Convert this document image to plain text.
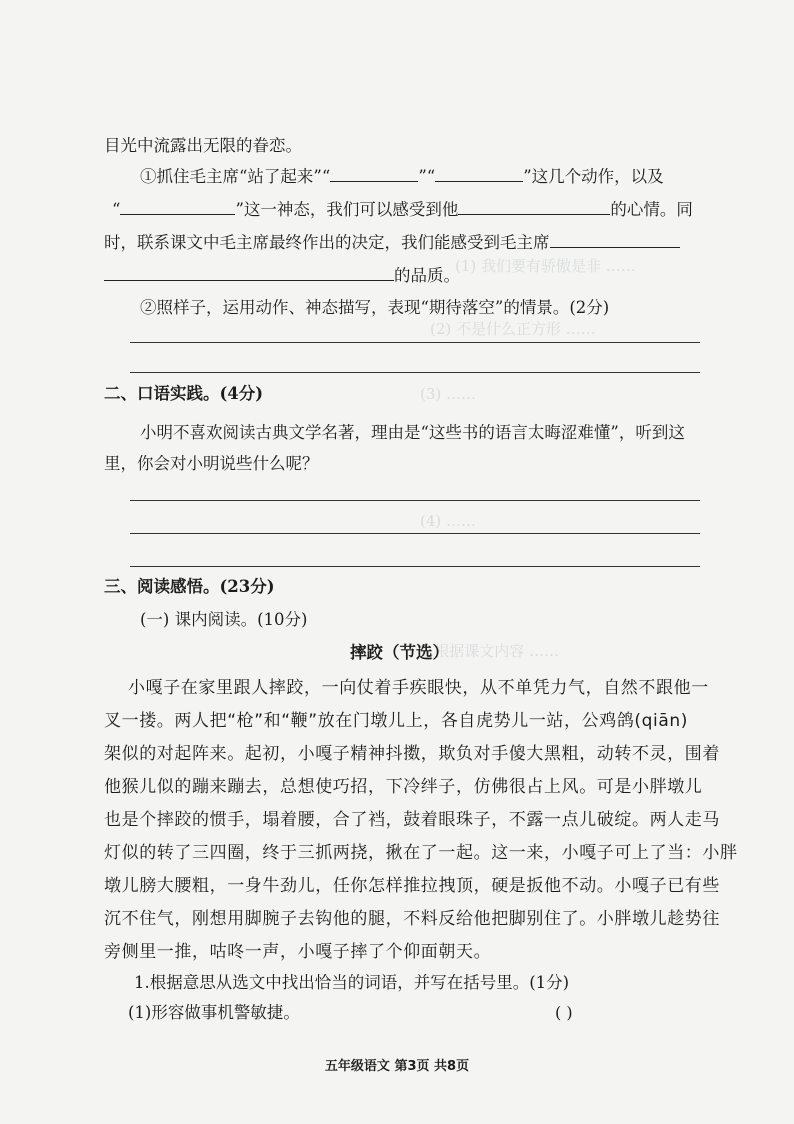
(1) 我们要有骄傲是非 ……
(2) 不是什么正方形 ……
(3) ……
(4) ……
7.根据课文内容 ……
目光中流露出无限的眷恋。
①抓住毛主席“站了起来”“	”“	”这几个动作，以及
“	”这一神态，我们可以感受到他	的心情。同
时，联系课文中毛主席最终作出的决定，我们能感受到毛主席
的品质。
②照样子，运用动作、神态描写，表现“期待落空”的情景。(2分)
二、口语实践。(4分)
小明不喜欢阅读古典文学名著，理由是“这些书的语言太晦涩难懂”，听到这
里，你会对小明说些什么呢？
三、阅读感悟。(23分)
(一) 课内阅读。(10分)
摔跤（节选）
小嘎子在家里跟人摔跤，一向仗着手疾眼快，从不单凭力气，自然不跟他一
叉一搂。两人把“枪”和“鞭”放在门墩儿上，各自虎势儿一站，公鸡鸽(qiān)
架似的对起阵来。起初，小嘎子精神抖擞，欺负对手傻大黑粗，动转不灵，围着
他猴儿似的蹦来蹦去，总想使巧招，下冷绊子，仿佛很占上风。可是小胖墩儿
也是个摔跤的惯手，塌着腰，合了裆，鼓着眼珠子，不露一点儿破绽。两人走马
灯似的转了三四圈，终于三抓两挠，揪在了一起。这一来，小嘎子可上了当：小胖
墩儿膀大腰粗，一身牛劲儿，任你怎样推拉拽顶，硬是扳他不动。小嘎子已有些
沉不住气，刚想用脚腕子去钩他的腿，不料反给他把脚别住了。小胖墩儿趁势往
旁侧里一推，咕咚一声，小嘎子摔了个仰面朝天。
1.根据意思从选文中找出恰当的词语，并写在括号里。(1分)
(1)形容做事机警敏捷。	( )
五年级语文 第3页 共8页
